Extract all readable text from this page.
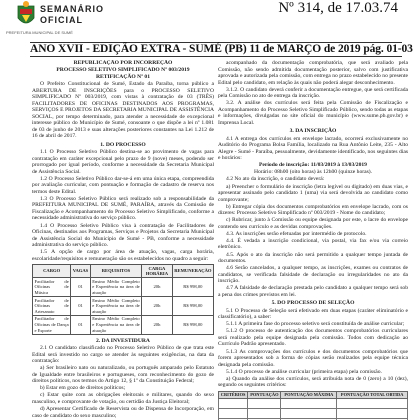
SEMANÁRIO
OFICIAL
PREFEITURA MUNICIPAL DE SUMÉ
Nº 314, de 17.03.74
ANO XVII - EDIÇÃO EXTRA - SUMÉ (PB) 11 de MARÇO de 2019 pág. 01-03

REPUBLICAÇÃO POR INCORREÇÃO

PROCESSO SELETIVO SIMPLIFICADO Nº 003/2019

RETIFICAÇÃO Nº 01

O Prefeito Constitucional de Sumé, Estado da Paraíba, torna público a ABERTURA DE INSCRIÇÕES para o PROCESSO SELETIVO SIMPLIFICADO Nº 003/2019, com vistas à contratação de 03 (TRÊS) FACILITADORES DE OFICINAS DESTINADOS AOS PROGRAMAS, SERVIÇOS E PROJETOS DA SECRETARIA MUNICIPAL DE ASSISTÊNCIA SOCIAL, por tempo determinado, para atender a necessidade de excepcional interesse público do Município de Sumé, consoante o que dispõe a lei nº 1.081 de 03 de junho de 2013 e suas alterações posteriores constantes na Lei 1.212 de 16 de abril de 2017.

1. DO PROCESSO

1.1 O Processo Seletivo Público destina-se ao provimento de vagas para contratação em caráter excepcional pelo prazo de 9 (nove) meses, podendo ser prorrogado por igual período, conforme a necessidade da Secretaria Municipal de Assistência Social.

1.2 O Processo Seletivo Público dar-se-á em uma única etapa, compreendida por avaliação curricular, com pontuação e formação de cadastro de reserva nos termos deste Edital.

1.3 O Processo Seletivo Público será realizado sob a responsabilidade da PREFEITURA MUNICIPAL DE SUMÉ, PARAÍBA, através da Comissão de Fiscalização e Acompanhamento do Processo Seletivo Simplificado, conforme a necessidade administrativa do serviço público.

1.4 O Processo Seletivo Público visa à contratação de Facilitadores de Oficinas, destinados aos Programas, Serviços e Projetos da Secretaria Municipal de Assistência Social do Município de Sumé - PB, conforme a necessidade administrativa do serviço público.

1.5 A opção de cargo por área de atuação, vagas, carga horária, escolaridade/requisitos e remuneração são os estabelecidos no quadro a seguir:

CARGO	VAGAS	REQUISITOS	CARGA HORÁRIA	REMUNERAÇÃO
Facilitador de Oficinas de Música	01	Ensino Médio Completo e Experiência na área de atuação	20h	R$ 998,00
Facilitador de Oficinas de Artesanato	01	Ensino Médio Completo e Experiência na área de atuação	20h	R$ 998,00
Facilitador de Oficinas de Dança e Esporte	01	Ensino Médio Completo e Experiência na área de atuação	20h	R$ 998,00

2. DA INVESTIDURA

2.1 O candidato classificado no Processo Seletivo Público de que trata este Edital será investido no cargo se atender às seguintes exigências, na data da contratação:

a) Ser brasileiro nato ou naturalizado, ou português amparado pelo Estatuto de Igualdade entre brasileiros e portugueses, com reconhecimento do gozo de direitos políticos, nos termos do Artigo 12, § 1º da Constituição Federal;

b) Estar em gozo de direitos políticos;

c) Estar quite com as obrigações eleitorais e militares, quando do sexo masculino, e comprovante de votação, ou certidão da Justiça Eleitoral;

d) Apresentar Certificado de Reservista ou de Dispensa de Incorporação, em caso de candidato do sexo masculino;

acompanhado da documentação comprobatória, que será avaliado pela Comissão, não sendo admitida documentação posterior, salvo com justificativa aprovada e autorizada pela comissão, com entrega no prazo estabelecido no presente Edital pelo candidato, em relação às quais não poderá alegar desconhecimento.

3.1.2. O candidato deverá conferir a documentação entregue, que será certificada pela Comissão no ato de entrega da inscrição.

3.2. A análise dos currículos será feita pela Comissão de Fiscalização e Acompanhamento do Processo Seletivo Simplificado Público, sendo todas as etapas e informações, divulgadas no site oficial do município (www.sume.pb.gov.br) e Imprensa Local.

3. DA INSCRIÇÃO

4.1 A entrega dos currículos em envelope lacrado, ocorrerá exclusivamente no Auditório do Programa Bolsa Família, localizado na Rua Antônio Leite, 235 - Alto Alegre - Sumé - Paraíba, pessoalmente, devidamente identificado, nos seguintes dias e horários:

Período de inscrição: 11/03/2019 à 13/03/2019

Horário: 08h00 (oito horas) às 12h00 (quinze horas).

4.2 No ato da inscrição, o candidato deverá:

a) Preencher o formulário de inscrição (letra legível ou digitado) em duas vias, e apresentar assinado pelo candidato 1 (uma) via será devolvida ao candidato como comprovante;

b) Entregar cópia dos documentos comprobatórios em envelope lacrado, com os dizeres: Processo Seletivo Simplificado nº 003/2019 - Nome do candidato;

c) Rubricar, junto à Comissão ou equipe designada por este, o lacre do envelope contendo seu currículo e as devidas comprovações.

4.3. As inscrições serão efetuadas por intermédio de protocolo.

4.4. É vedada a inscrição condicional, via postal, via fax e/ou via correio eletrônico.

4.5. Após o ato da inscrição não será permitido a qualquer tempo juntada de documentos.

4.6 Serão cancelados, a qualquer tempo, as inscrições, exames ou contratos de candidatos, se verificada falsidade de declaração ou irregularidades no ato da inscrição.

4.7 A falsidade de declaração prestada pelo candidato a qualquer tempo será sob a pena dos crimes previstos em lei.

5. DO PROCESSO DE SELEÇÃO

5.1 O Processo de Seleção será efetivado em duas etapas (caráter eliminatório e classificatório), a saber:

5.1.1 A primeira fase do processo seletivo será constituída de análise curricular;

5.1.2 O processo de autenticação dos documentos comprobatórios curriculares será realizado pela equipe designada pela comissão. Todos com dedicação ao Currículo Padrão apresentado.

5.1.3 As comprovações dos currículos e dos documentos comprobatórios que forem apresentados sob a forma de cópias serão realizados pela equipe técnica designada pela comissão.

5.1.4 O processo de análise curricular (primeira etapa) pela comissão.

a) Quando da análise dos currículos, será atribuída nota de 0 (zero) a 10 (dez), segundo os seguintes critérios:

CRITÉRIOS	PONTUAÇÃO	PONTUAÇÃO MÁXIMA	PONTUAÇÃO TOTAL OBTIDA
